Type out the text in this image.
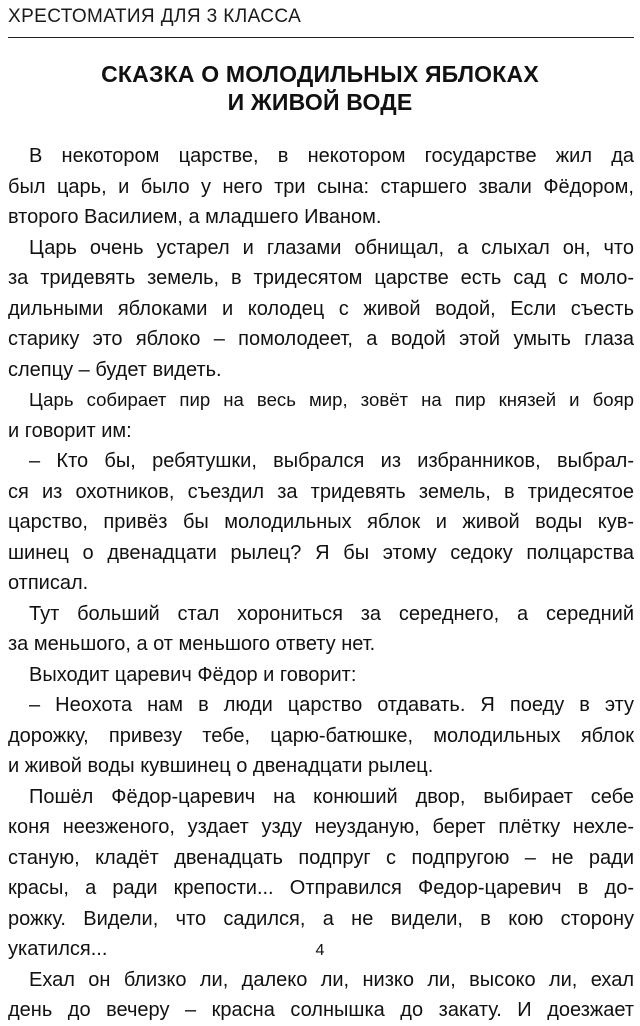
ХРЕСТОМАТИЯ ДЛЯ 3 КЛАССА
СКАЗКА О МОЛОДИЛЬНЫХ ЯБЛОКАХ
И ЖИВОЙ ВОДЕ
В некотором царстве, в некотором государстве жил да
был царь, и было у него три сына: старшего звали Фёдором,
второго Василием, а младшего Иваном.
Царь очень устарел и глазами обнищал, а слыхал он, что
за тридевять земель, в тридесятом царстве есть сад с моло-
дильными яблоками и колодец с живой водой, Если съесть
старику это яблоко – помолодеет, а водой этой умыть глаза
слепцу – будет видеть.
Царь собирает пир на весь мир, зовёт на пир князей и бояр
и говорит им:
– Кто бы, ребятушки, выбрался из избранников, выбрал-
ся из охотников, съездил за тридевять земель, в тридесятое
царство, привёз бы молодильных яблок и живой воды кув-
шинец о двенадцати рылец? Я бы этому седоку полцарства
отписал.
Тут больший стал хорониться за середнего, а середний
за меньшого, а от меньшого ответу нет.
Выходит царевич Фёдор и говорит:
– Неохота нам в люди царство отдавать. Я поеду в эту
дорожку, привезу тебе, царю-батюшке, молодильных яблок
и живой воды кувшинец о двенадцати рылец.
Пошёл Фёдор-царевич на конюший двор, выбирает себе
коня неезженого, уздает узду неузданую, берет плётку нехле-
станую, кладёт двенадцать подпруг с подпругою – не ради
красы, а ради крепости... Отправился Федор-царевич в до-
рожку. Видели, что садился, а не видели, в кою сторону
укатился...
Ехал он близко ли, далеко ли, низко ли, высоко ли, ехал
день до вечеру – красна солнышка до закату. И доезжает
4
